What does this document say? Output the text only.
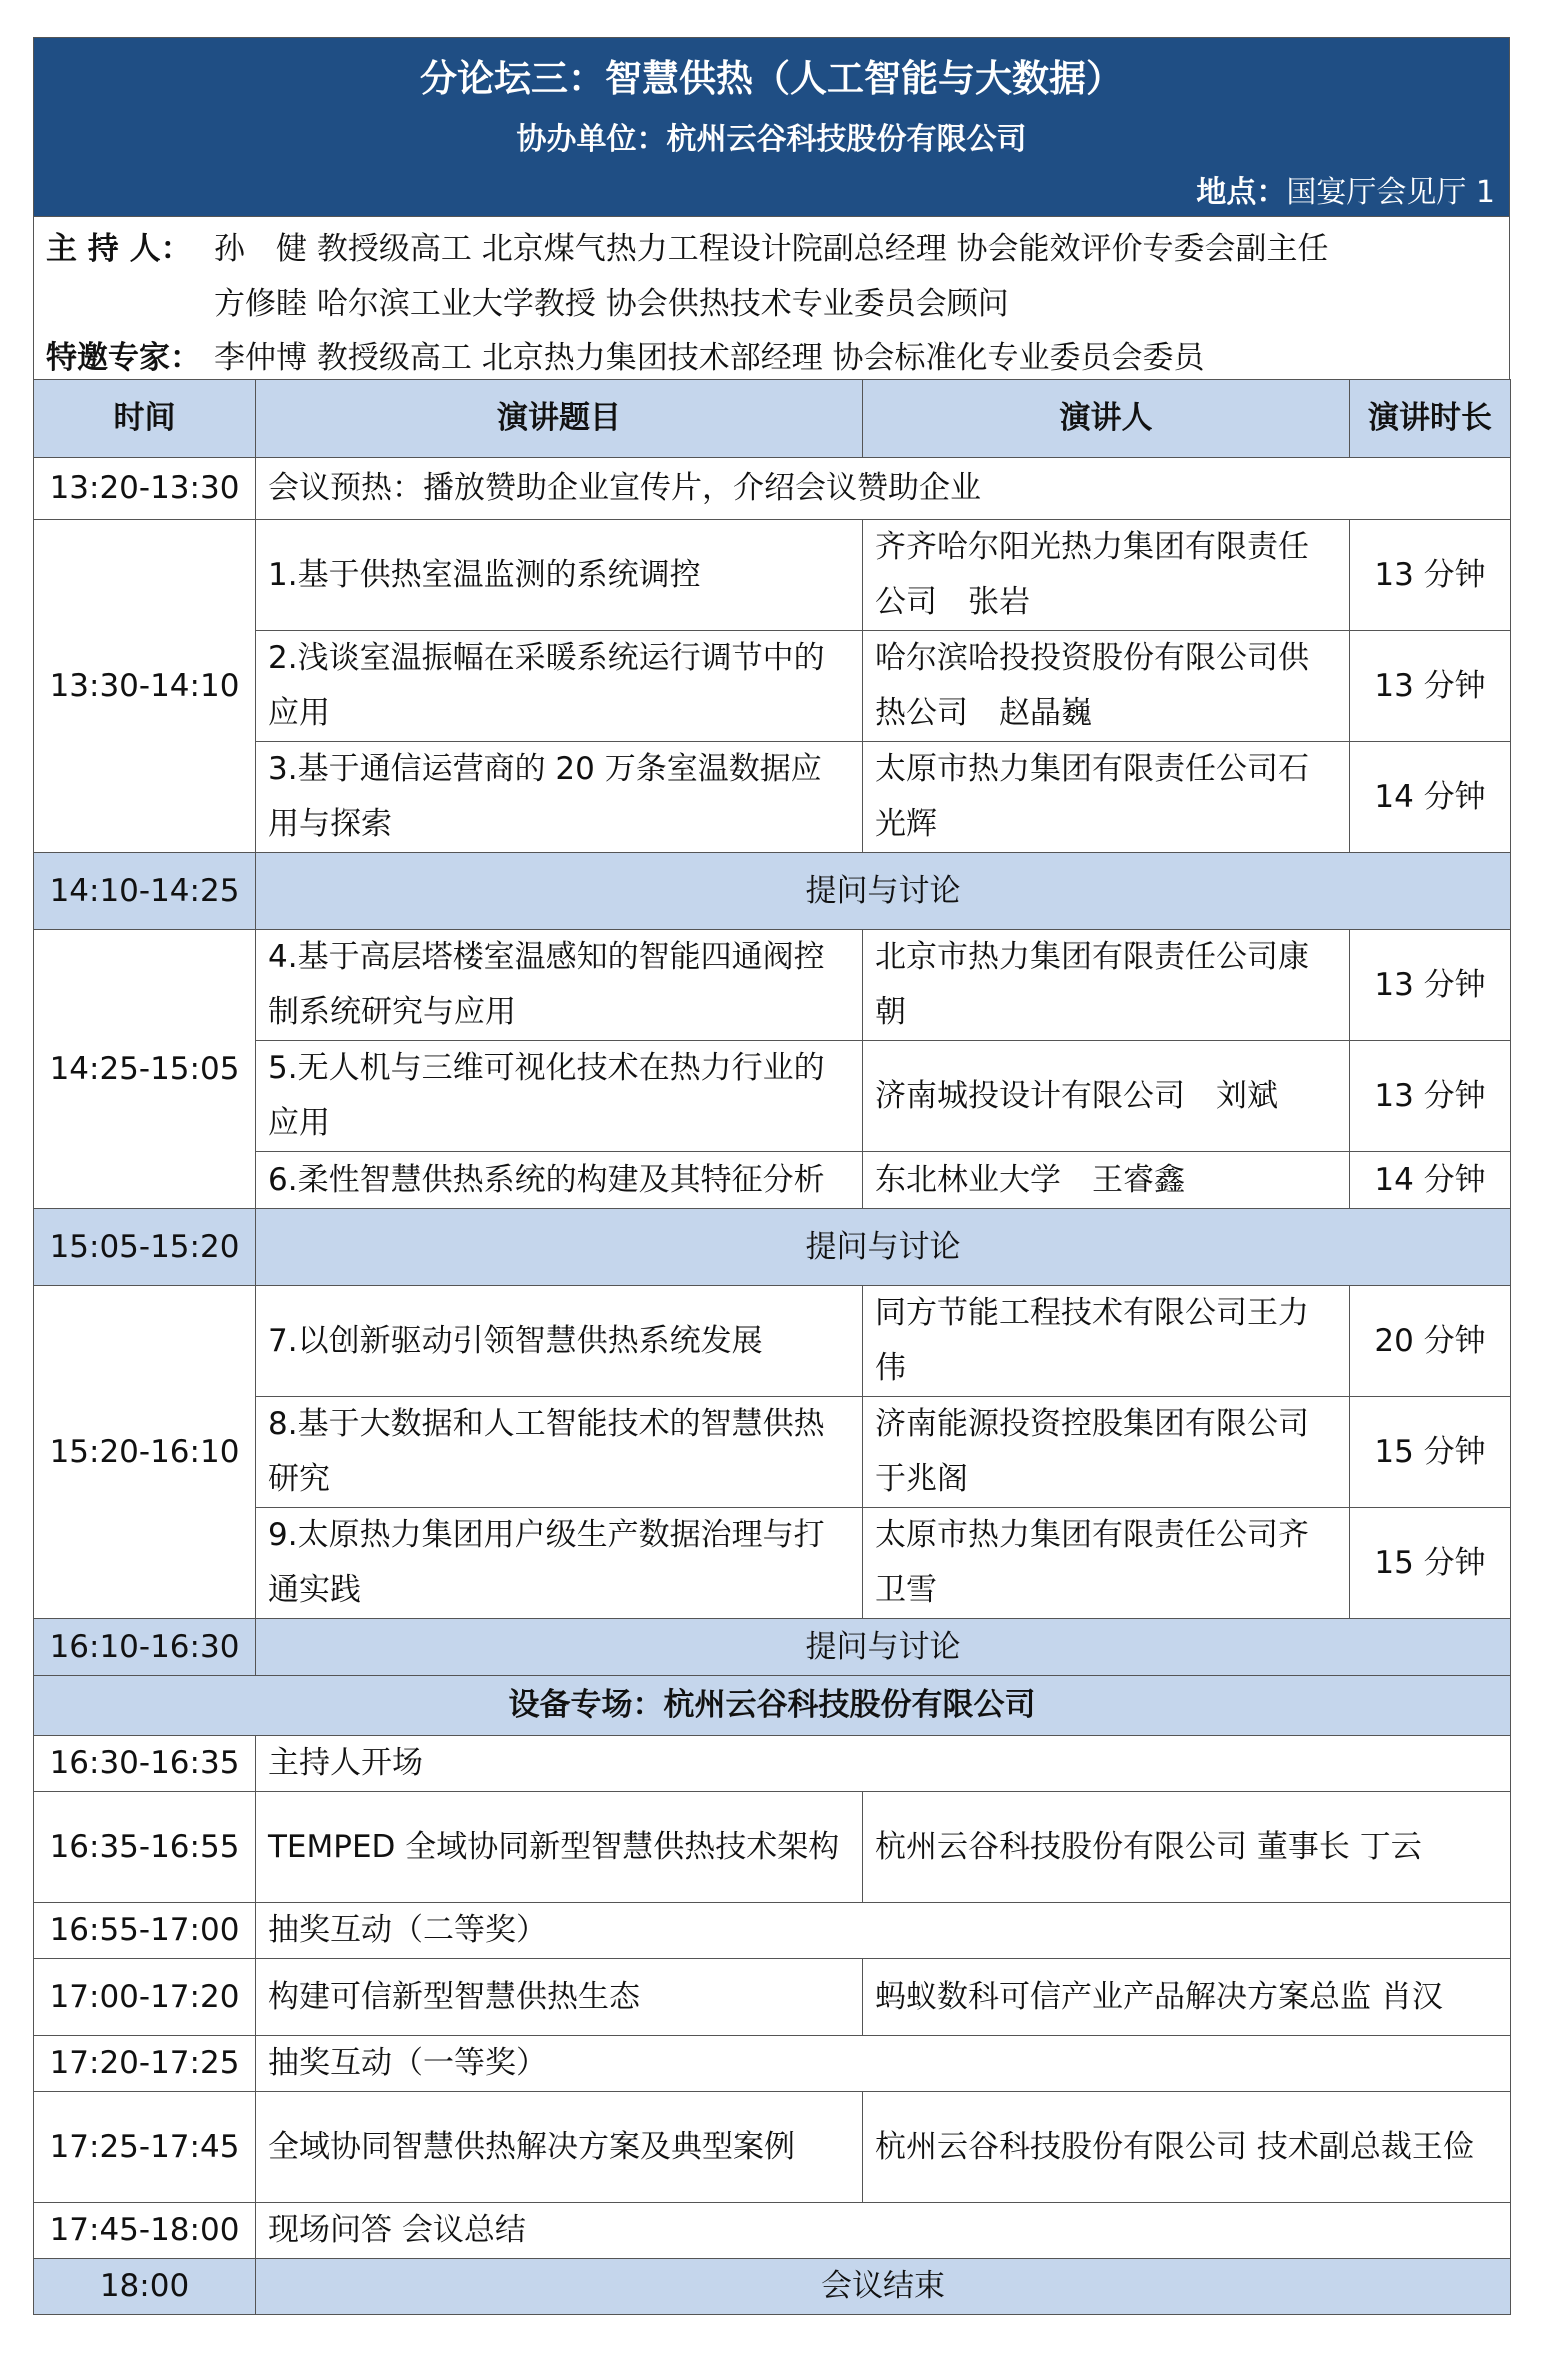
分论坛三：智慧供热（人工智能与大数据）
协办单位：杭州云谷科技股份有限公司
地点：国宴厅会见厅 1
主 持 人： 孙　健 教授级高工 北京煤气热力工程设计院副总经理 协会能效评价专委会副主任
方修睦 哈尔滨工业大学教授 协会供热技术专业委员会顾问
特邀专家： 李仲博 教授级高工 北京热力集团技术部经理 协会标准化专业委员会委员
时间	演讲题目	演讲人	演讲时长
13:20-13:30	会议预热：播放赞助企业宣传片，介绍会议赞助企业		
13:30-14:10	1.基于供热室温监测的系统调控	齐齐哈尔阳光热力集团有限责任公司　张岩	13 分钟
	2.浅谈室温振幅在采暖系统运行调节中的应用	哈尔滨哈投投资股份有限公司供热公司　赵晶巍	13 分钟
	3.基于通信运营商的 20 万条室温数据应用与探索	太原市热力集团有限责任公司石光辉	14 分钟
14:10-14:25	提问与讨论		
14:25-15:05	4.基于高层塔楼室温感知的智能四通阀控制系统研究与应用	北京市热力集团有限责任公司康朝	13 分钟
	5.无人机与三维可视化技术在热力行业的应用	济南城投设计有限公司　刘斌	13 分钟
	6.柔性智慧供热系统的构建及其特征分析	东北林业大学　王睿鑫	14 分钟
15:05-15:20	提问与讨论		
15:20-16:10	7.以创新驱动引领智慧供热系统发展	同方节能工程技术有限公司王力伟	20 分钟
	8.基于大数据和人工智能技术的智慧供热研究	济南能源投资控股集团有限公司于兆阁	15 分钟
	9.太原热力集团用户级生产数据治理与打通实践	太原市热力集团有限责任公司齐卫雪	15 分钟
16:10-16:30	提问与讨论		
设备专场：杭州云谷科技股份有限公司			
16:30-16:35	主持人开场		
16:35-16:55	TEMPED 全域协同新型智慧供热技术架构	杭州云谷科技股份有限公司 董事长 丁云	
16:55-17:00	抽奖互动（二等奖）		
17:00-17:20	构建可信新型智慧供热生态	蚂蚁数科可信产业产品解决方案总监 肖汉	
17:20-17:25	抽奖互动（一等奖）		
17:25-17:45	全域协同智慧供热解决方案及典型案例	杭州云谷科技股份有限公司 技术副总裁王俭	
17:45-18:00	现场问答 会议总结		
18:00	会议结束		
